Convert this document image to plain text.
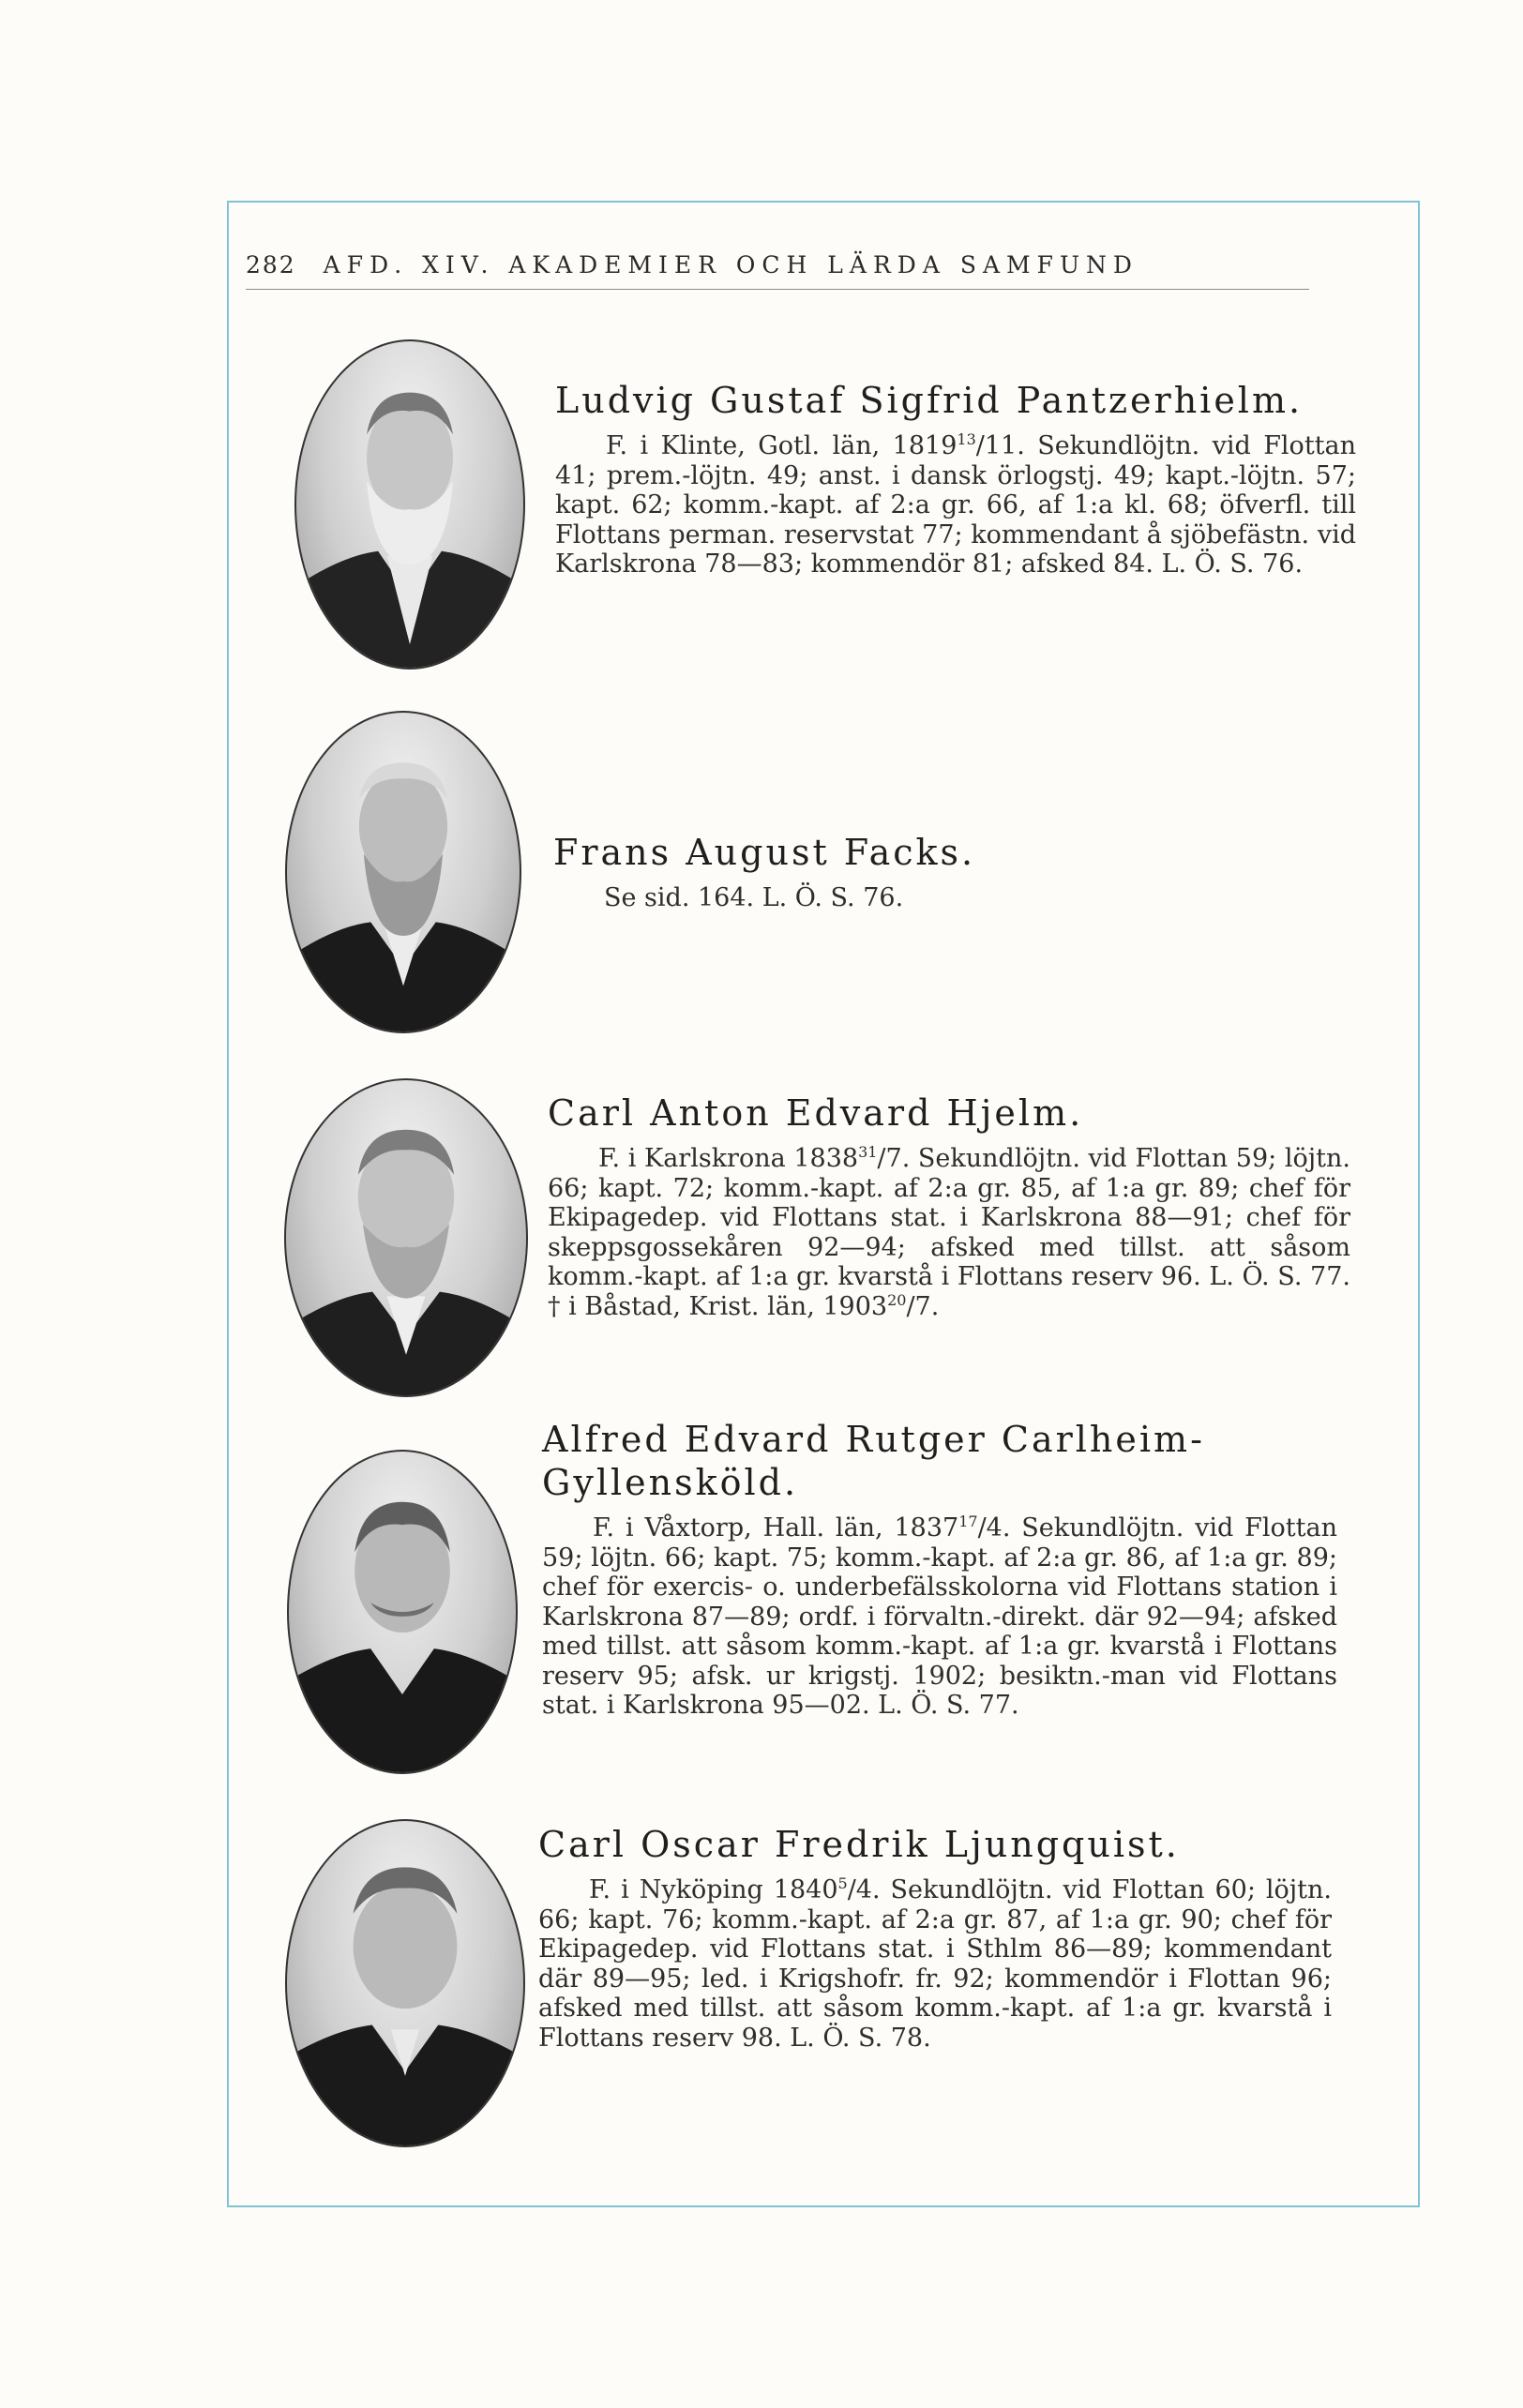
282 AFD. XIV. AKADEMIER OCH LÄRDA SAMFUND
Ludvig Gustaf Sigfrid Pantzerhielm.
F. i Klinte, Gotl. län, 1819$^{13}$/11. Sekundlöjtn. vid Flottan 41; prem.-löjtn. 49; anst. i dansk örlogstj. 49; kapt.-löjtn. 57; kapt. 62; komm.-kapt. af 2:a gr. 66, af 1:a kl. 68; öfverfl. till Flottans perman. reservstat 77; kommendant å sjöbefästn. vid Karlskrona 78—83; kommendör 81; afsked 84. L. Ö. S. 76.
Frans August Facks.
Se sid. 164. L. Ö. S. 76.
Carl Anton Edvard Hjelm.
F. i Karlskrona 1838$^{31}$/7. Sekundlöjtn. vid Flottan 59; löjtn. 66; kapt. 72; komm.-kapt. af 2:a gr. 85, af 1:a gr. 89; chef för Ekipagedep. vid Flottans stat. i Karlskrona 88—91; chef för skeppsgossekåren 92—94; afsked med tillst. att såsom komm.-kapt. af 1:a gr. kvarstå i Flottans reserv 96. L. Ö. S. 77. † i Båstad, Krist. län, 1903$^{20}$/7.
Alfred Edvard Rutger Carlheim-Gyllensköld.
F. i Våxtorp, Hall. län, 1837$^{17}$/4. Sekundlöjtn. vid Flottan 59; löjtn. 66; kapt. 75; komm.-kapt. af 2:a gr. 86, af 1:a gr. 89; chef för exercis- o. underbefälsskolorna vid Flottans station i Karlskrona 87—89; ordf. i förvaltn.-direkt. där 92—94; afsked med tillst. att såsom komm.-kapt. af 1:a gr. kvarstå i Flottans reserv 95; afsk. ur krigstj. 1902; besiktn.-man vid Flottans stat. i Karlskrona 95—02. L. Ö. S. 77.
Carl Oscar Fredrik Ljungquist.
F. i Nyköping 1840$^5$/4. Sekundlöjtn. vid Flottan 60; löjtn. 66; kapt. 76; komm.-kapt. af 2:a gr. 87, af 1:a gr. 90; chef för Ekipagedep. vid Flottans stat. i Sthlm 86—89; kommendant där 89—95; led. i Krigshofr. fr. 92; kommendör i Flottan 96; afsked med tillst. att såsom komm.-kapt. af 1:a gr. kvarstå i Flottans reserv 98. L. Ö. S. 78.
